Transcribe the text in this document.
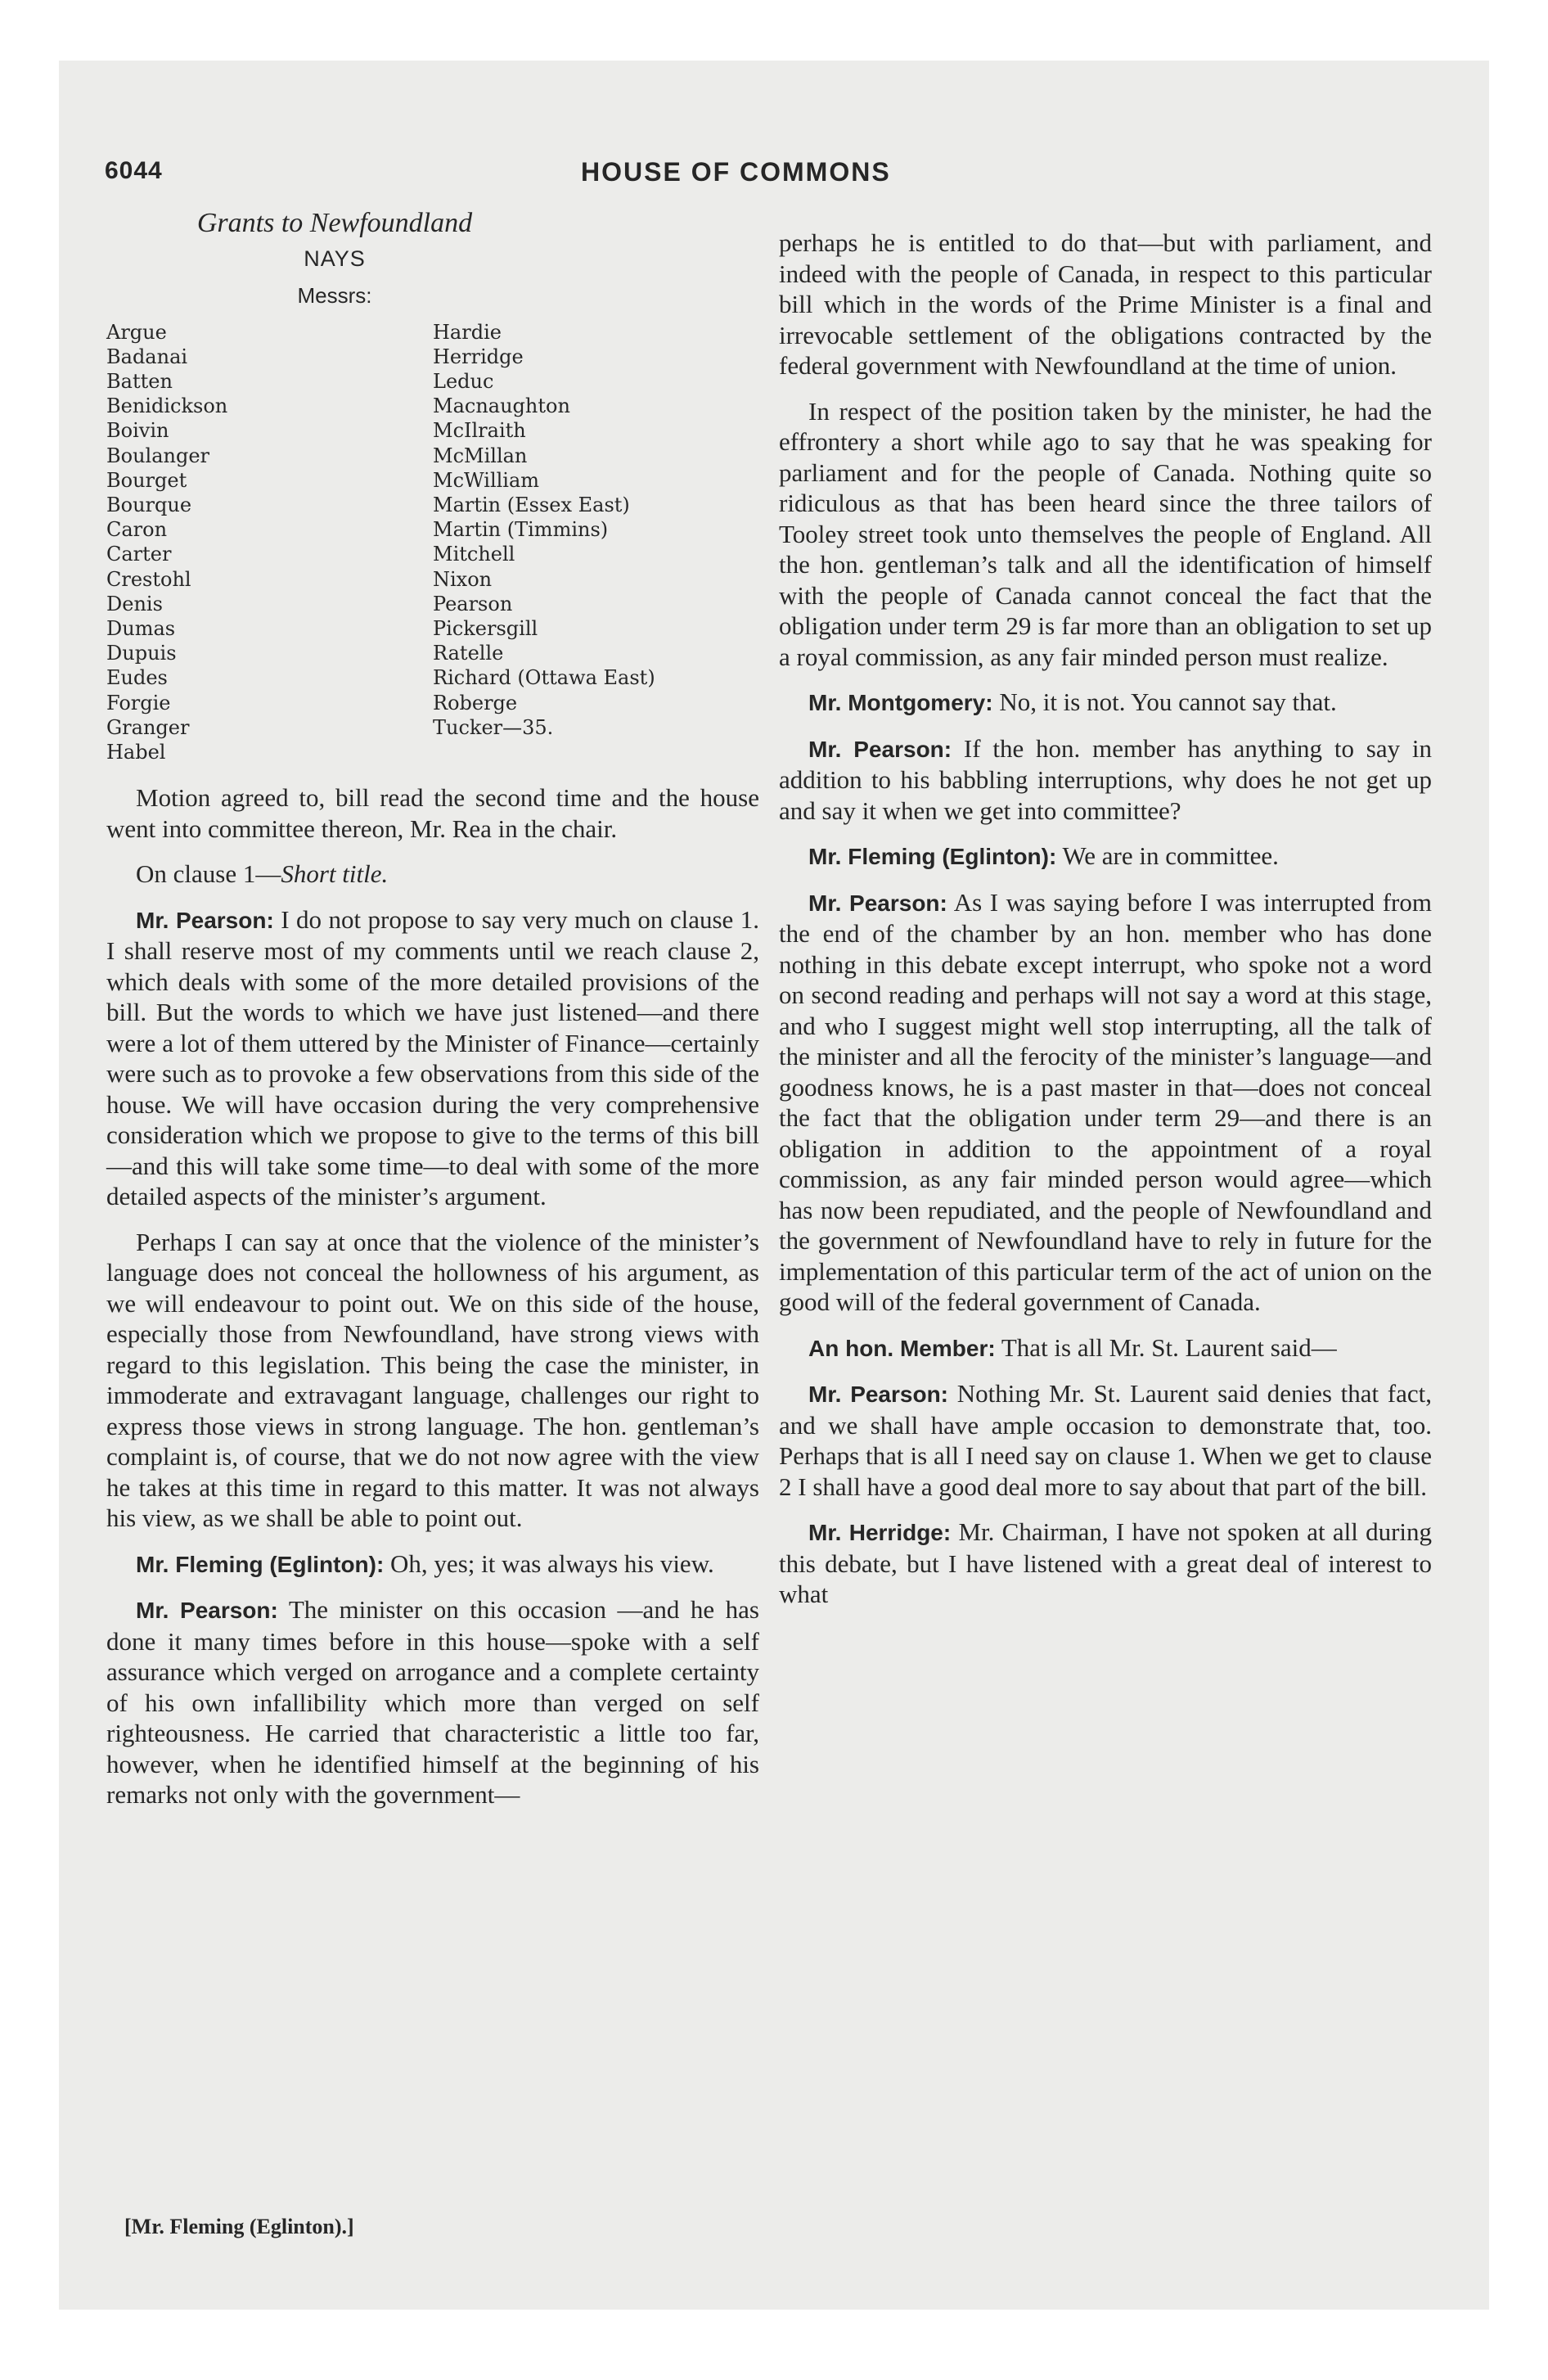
6044	HOUSE OF COMMONS
Grants to Newfoundland
NAYS
Messrs:
Argue
Badanai
Batten
Benidickson
Boivin
Boulanger
Bourget
Bourque
Caron
Carter
Crestohl
Denis
Dumas
Dupuis
Eudes
Forgie
Granger
Habel
Hardie
Herridge
Leduc
Macnaughton
McIlraith
McMillan
McWilliam
Martin (Essex East)
Martin (Timmins)
Mitchell
Nixon
Pearson
Pickersgill
Ratelle
Richard (Ottawa East)
Roberge
Tucker—35.

Motion agreed to, bill read the second time and the house went into committee thereon, Mr. Rea in the chair.

On clause 1—Short title.

Mr. Pearson: I do not propose to say very much on clause 1. I shall reserve most of my comments until we reach clause 2, which deals with some of the more detailed provisions of the bill. But the words to which we have just listened—and there were a lot of them uttered by the Minister of Finance—certainly were such as to provoke a few observations from this side of the house. We will have occasion during the very comprehensive consideration which we propose to give to the terms of this bill—and this will take some time—to deal with some of the more detailed aspects of the minister’s argument.

Perhaps I can say at once that the violence of the minister’s language does not conceal the hollowness of his argument, as we will endeavour to point out. We on this side of the house, especially those from Newfoundland, have strong views with regard to this legislation. This being the case the minister, in immoderate and extravagant language, challenges our right to express those views in strong language. The hon. gentleman’s complaint is, of course, that we do not now agree with the view he takes at this time in regard to this matter. It was not always his view, as we shall be able to point out.

Mr. Fleming (Eglinton): Oh, yes; it was always his view.

Mr. Pearson: The minister on this occasion —and he has done it many times before in this house—spoke with a self assurance which verged on arrogance and a complete certainty of his own infallibility which more than verged on self righteousness. He carried that characteristic a little too far, however, when he identified himself at the beginning of his remarks not only with the government—

perhaps he is entitled to do that—but with parliament, and indeed with the people of Canada, in respect to this particular bill which in the words of the Prime Minister is a final and irrevocable settlement of the obligations contracted by the federal government with Newfoundland at the time of union.

In respect of the position taken by the minister, he had the effrontery a short while ago to say that he was speaking for parliament and for the people of Canada. Nothing quite so ridiculous as that has been heard since the three tailors of Tooley street took unto themselves the people of England. All the hon. gentleman’s talk and all the identification of himself with the people of Canada cannot conceal the fact that the obligation under term 29 is far more than an obligation to set up a royal commission, as any fair minded person must realize.

Mr. Montgomery: No, it is not. You cannot say that.

Mr. Pearson: If the hon. member has anything to say in addition to his babbling interruptions, why does he not get up and say it when we get into committee?

Mr. Fleming (Eglinton): We are in committee.

Mr. Pearson: As I was saying before I was interrupted from the end of the chamber by an hon. member who has done nothing in this debate except interrupt, who spoke not a word on second reading and perhaps will not say a word at this stage, and who I suggest might well stop interrupting, all the talk of the minister and all the ferocity of the minister’s language—and goodness knows, he is a past master in that—does not conceal the fact that the obligation under term 29—and there is an obligation in addition to the appointment of a royal commission, as any fair minded person would agree—which has now been repudiated, and the people of Newfoundland and the government of Newfoundland have to rely in future for the implementation of this particular term of the act of union on the good will of the federal government of Canada.

An hon. Member: That is all Mr. St. Laurent said—

Mr. Pearson: Nothing Mr. St. Laurent said denies that fact, and we shall have ample occasion to demonstrate that, too. Perhaps that is all I need say on clause 1. When we get to clause 2 I shall have a good deal more to say about that part of the bill.

Mr. Herridge: Mr. Chairman, I have not spoken at all during this debate, but I have listened with a great deal of interest to what

[Mr. Fleming (Eglinton).]
